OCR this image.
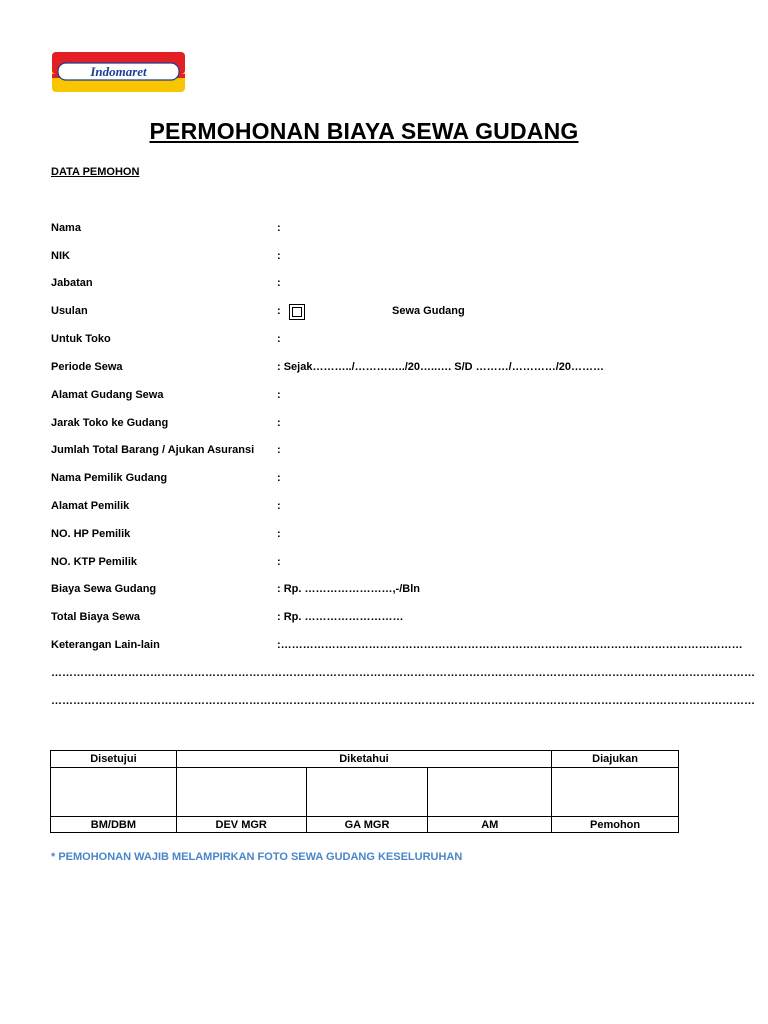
Indomaret
PERMOHONAN BIAYA SEWA GUDANG
DATA PEMOHON
Nama	:
NIK	:
Jabatan	:
Usulan	:	Sewa Gudang
Untuk Toko	:
Periode Sewa	: Sejak………../…………../20…..…. S/D ………/…………/20………
Alamat Gudang Sewa	:
Jarak Toko ke Gudang	:
Jumlah Total Barang / Ajukan Asuransi :
Nama Pemilik Gudang	:
Alamat Pemilik	:
NO. HP Pemilik	:
NO. KTP Pemilik	:
Biaya Sewa Gudang	: Rp. ……………………,-/Bln
Total Biaya Sewa	: Rp. ………………………
Keterangan Lain-lain	:………………………………………………………………………………………………………………
…………………………………………………………………………………………………………………………………………………………………………
…………………………………………………………………………………………………………………………………………………………………………
Disetujui	Diketahui			Diajukan

BM/DBM	DEV MGR	GA MGR	AM	Pemohon
* PEMOHONAN WAJIB MELAMPIRKAN FOTO SEWA GUDANG KESELURUHAN
